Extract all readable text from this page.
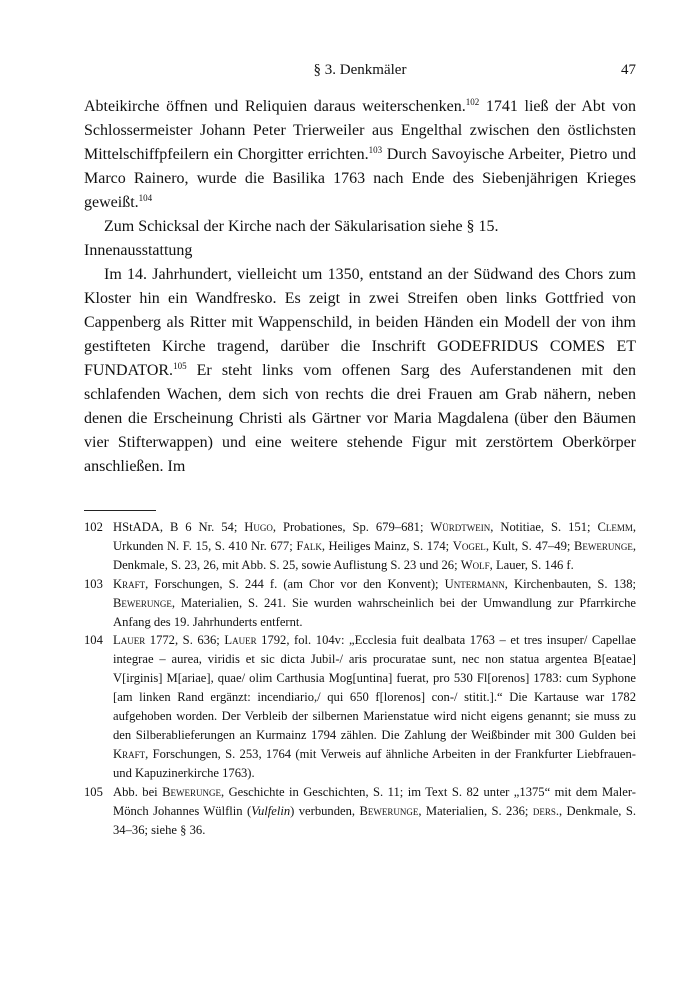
§ 3. Denkmäler	47

Abteikirche öffnen und Reliquien daraus weiterschenken.$^{102}$ 1741 ließ der Abt von Schlossermeister Johann Peter Trierweiler aus Engelthal zwischen den östlichsten Mittelschiffpfeilern ein Chorgitter errichten.$^{103}$ Durch Savoyische Arbeiter, Pietro und Marco Rainero, wurde die Basilika 1763 nach Ende des Siebenjährigen Krieges geweißt.$^{104}$

Zum Schicksal der Kirche nach der Säkularisation siehe § 15.

Innenausstattung

Im 14. Jahrhundert, vielleicht um 1350, entstand an der Südwand des Chors zum Kloster hin ein Wandfresko. Es zeigt in zwei Streifen oben links Gottfried von Cappenberg als Ritter mit Wappenschild, in beiden Händen ein Modell der von ihm gestifteten Kirche tragend, darüber die Inschrift GODEFRIDUS COMES ET FUNDATOR.$^{105}$ Er steht links vom offenen Sarg des Auferstandenen mit den schlafenden Wachen, dem sich von rechts die drei Frauen am Grab nähern, neben denen die Erscheinung Christi als Gärtner vor Maria Magdalena (über den Bäumen vier Stifterwappen) und eine weitere stehende Figur mit zerstörtem Oberkörper anschließen. Im

102 HStADA, B 6 Nr. 54; Hugo, Probationes, Sp. 679–681; Würdtwein, Notitiae, S. 151; Clemm, Urkunden N. F. 15, S. 410 Nr. 677; Falk, Heiliges Mainz, S. 174; Vogel, Kult, S. 47–49; Bewerunge, Denkmale, S. 23, 26, mit Abb. S. 25, sowie Auflistung S. 23 und 26; Wolf, Lauer, S. 146 f.

103 Kraft, Forschungen, S. 244 f. (am Chor vor den Konvent); Untermann, Kirchenbauten, S. 138; Bewerunge, Materialien, S. 241. Sie wurden wahrscheinlich bei der Umwandlung zur Pfarrkirche Anfang des 19. Jahrhunderts entfernt.

104 Lauer 1772, S. 636; Lauer 1792, fol. 104v: „Ecclesia fuit dealbata 1763 – et tres insuper/ Capellae integrae – aurea, viridis et sic dicta Jubil-/ aris procuratae sunt, nec non statua argentea B[eatae] V[irginis] M[ariae], quae/ olim Carthusia Mog[untina] fuerat, pro 530 Fl[orenos] 1783: cum Syphone [am linken Rand ergänzt: incendiario,/ qui 650 f[lorenos] con-/ stitit.].“ Die Kartause war 1782 aufgehoben worden. Der Verbleib der silbernen Marienstatue wird nicht eigens genannt; sie muss zu den Silberablieferungen an Kurmainz 1794 zählen. Die Zahlung der Weißbinder mit 300 Gulden bei Kraft, Forschungen, S. 253, 1764 (mit Verweis auf ähnliche Arbeiten in der Frankfurter Liebfrauen- und Kapuzinerkirche 1763).

105 Abb. bei Bewerunge, Geschichte in Geschichten, S. 11; im Text S. 82 unter „1375“ mit dem Maler-Mönch Johannes Wülflin (Vulfelin) verbunden, Bewerunge, Materialien, S. 236; ders., Denkmale, S. 34–36; siehe § 36.
